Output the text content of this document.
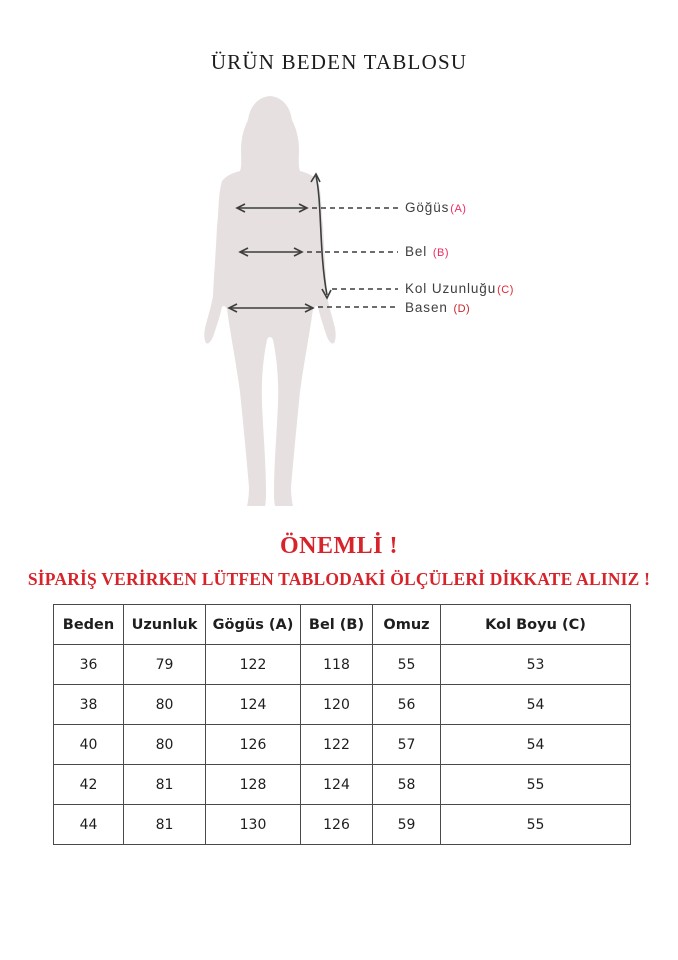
ÜRÜN BEDEN TABLOSU
Göğüs(A)
Bel (B)
Kol Uzunluğu(C)
Basen (D)
ÖNEMLİ !
SİPARİŞ VERİRKEN LÜTFEN TABLODAKİ ÖLÇÜLERİ DİKKATE ALINIZ !
Beden	Uzunluk	Gögüs (A)	Bel (B)	Omuz	Kol Boyu (C)
36	79	122	118	55	53
38	80	124	120	56	54
40	80	126	122	57	54
42	81	128	124	58	55
44	81	130	126	59	55
